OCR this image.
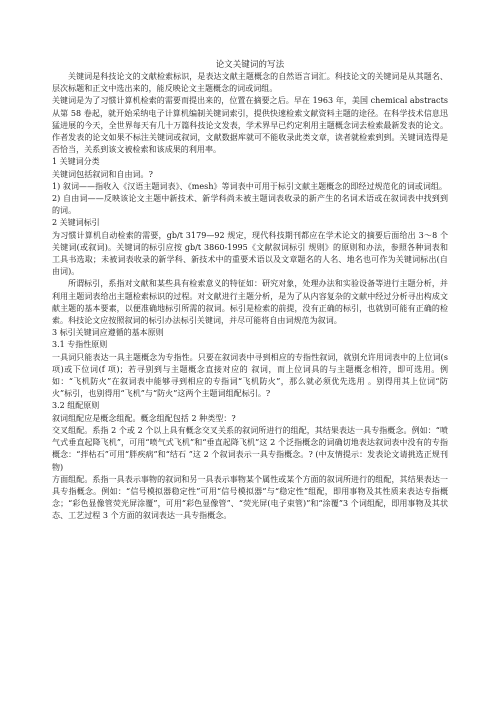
论文关键词的写法

关键词是科技论文的文献检索标识，是表达文献主题概念的自然语言词汇。科技论文的关键词是从其题名、层次标题和正文中选出来的，能反映论文主题概念的词或词组。

关键词是为了习惯计算机检索的需要而提出来的，位置在摘要之后。早在 1963 年，美国 chemical abstracts 从第 58 卷起，就开始采纳电子计算机编制关键词索引，提供快速检索文献资料主题的途径。在科学技术信息迅猛进展的今天，全世界每天有几十万篇科技论文发表，学术界早已约定利用主题概念词去检索最新发表的论文。作者发表的论文如果不标注关键词或叙词，文献数据库就可不能收录此类文章，读者就检索到到。关键词选得是否恰当，关系到该文被检索和该成果的利用率。

1 关键词分类

关键词包括叙词和自由词。?

1) 叙词——指收入《汉语主题词表》、《mesh》等词表中可用于标引文献主题概念的即经过规范化的词或词组。

2) 自由词——反映该论文主题中新技术、新学科尚未被主题词表收录的新产生的名词术语或在叙词表中找到到的词。

2 关键词标引

为习惯计算机自动检索的需要，gb/t 3179—92 规定，现代科技期刊都应在学术论文的摘要后面给出 3～8 个关键词(或叙词)。关键词的标引应按 gb/t 3860-1995《文献叙词标引 规则》的原则和办法，参照各种词表和工具书选取；未被词表收录的新学科、新技术中的重要术语以及文章题名的人名、地名也可作为关键词标出(自由词)。

所谓标引，系指对文献和某些具有检索意义的特征如：研究对象，处理办法和实验设备等进行主题分析，并利用主题词表给出主题检索标识的过程。对文献进行主题分析，是为了从内容复杂的文献中经过分析寻出构成文献主题的基本要素，以便准确地标引所需的叙词。标引是检索的前提，没有正确的标引，也就别可能有正确的检索。科技论文应按照叙词的标引办法标引关键词，并尽可能将自由词规范为叙词。

3 标引关键词应遵循的基本原则

3.1 专指性原则

一具词只能表达一具主题概念为专指性。只要在叙词表中寻到相应的专指性叙词，就别允许用词表中的上位词(s 项)或下位词(f 项)；若寻别到与主题概念直接对应的 叙词，而上位词具的与主题概念相符，即可选用。例如：“飞机防火”在叙词表中能够寻到相应的专指词“飞机防火”，那么就必须优先选用 。别得用其上位词“防火”标引，也别得用“飞机”与“防火”这两个主题词组配标引。?

3.2 组配原则

叙词组配应是概念组配。概念组配包括 2 种类型：?

交叉组配。系指 2 个或 2 个以上具有概念交叉关系的叙词所进行的组配，其结果表达一具专指概念。例如：“喷气式垂直起降飞机”，可用“喷气式飞机”和“垂直起降飞机”这 2 个泛指概念的词确切地表达叙词表中没有的专指概念：“拌枯石”可用“胖疾病”和“结石 ”这 2 个叙词表示一具专指概念。? (中友情提示：发表论文请挑选正规刊物)

方面组配。系指一具表示事物的叙词和另一具表示事物某个属性或某个方面的叙词所进行的组配，其结果表达一具专指概念。例如：“信号模拟器稳定性”可用“信号模拟器”与“稳定性”组配，即用事物及其性质来表达专指概念；“彩色显像管荧光屏涂覆”，可用“彩色显像管”、“荧光屏(电子束管)”和“涂覆”3 个词组配，即用事物及其状态、工艺过程 3 个方面的叙词表达一具专指概念。
